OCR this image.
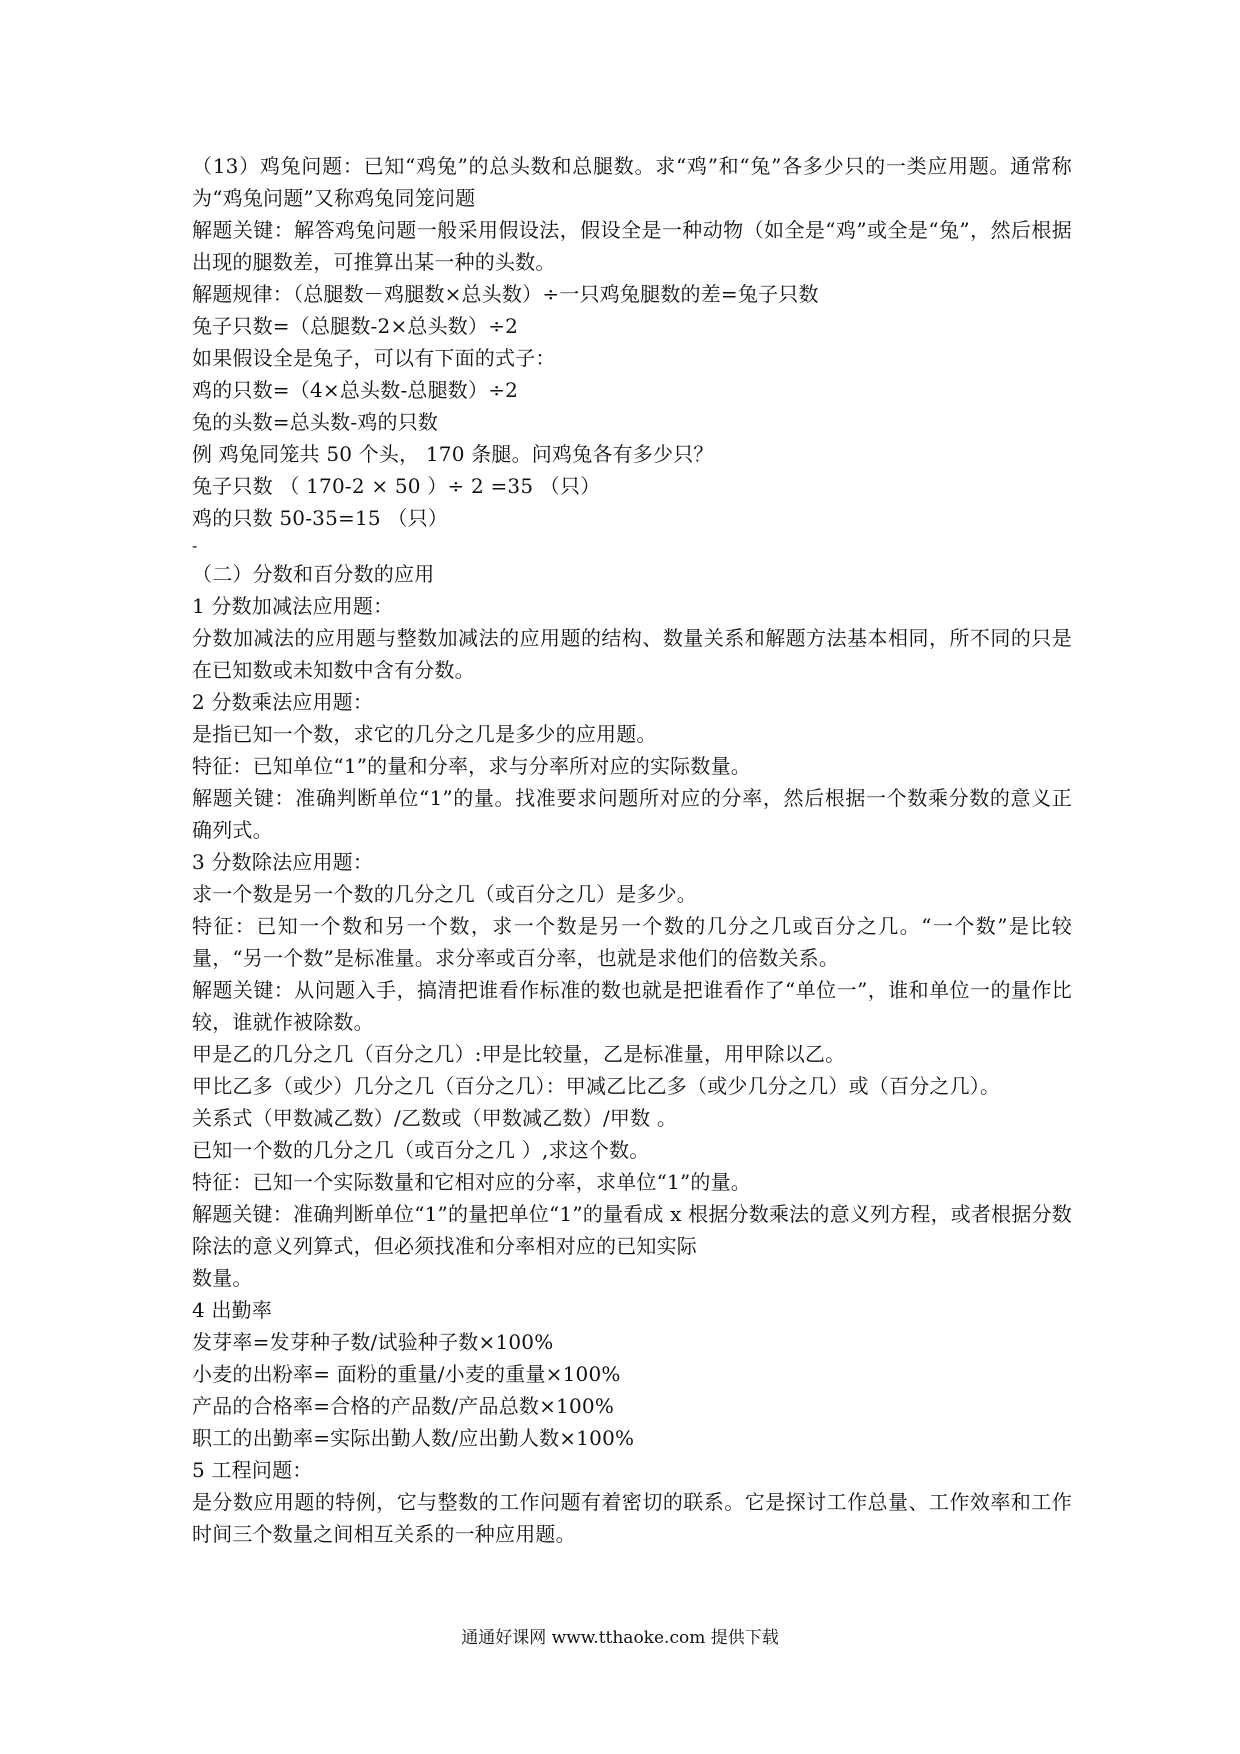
（13）鸡兔问题：已知“鸡兔”的总头数和总腿数。求“鸡”和“兔”各多少只的一类应用题。通常称为“鸡兔问题”又称鸡兔同笼问题
解题关键：解答鸡兔问题一般采用假设法，假设全是一种动物（如全是“鸡”或全是“兔”，然后根据出现的腿数差，可推算出某一种的头数。
解题规律：（总腿数－鸡腿数×总头数）÷一只鸡兔腿数的差=兔子只数
兔子只数=（总腿数-2×总头数）÷2
如果假设全是兔子，可以有下面的式子：
鸡的只数=（4×总头数-总腿数）÷2
兔的头数=总头数-鸡的只数
例 鸡兔同笼共 50 个头， 170 条腿。问鸡兔各有多少只？
兔子只数 （ 170-2 × 50 ）÷ 2 =35 （只）
鸡的只数 50-35=15 （只）
-
（二）分数和百分数的应用
1 分数加减法应用题：
分数加减法的应用题与整数加减法的应用题的结构、数量关系和解题方法基本相同，所不同的只是在已知数或未知数中含有分数。
2 分数乘法应用题：
是指已知一个数，求它的几分之几是多少的应用题。
特征：已知单位“1”的量和分率，求与分率所对应的实际数量。
解题关键：准确判断单位“1”的量。找准要求问题所对应的分率，然后根据一个数乘分数的意义正确列式。
3 分数除法应用题：
求一个数是另一个数的几分之几（或百分之几）是多少。
特征：已知一个数和另一个数，求一个数是另一个数的几分之几或百分之几。“一个数”是比较量，“另一个数”是标准量。求分率或百分率，也就是求他们的倍数关系。
解题关键：从问题入手，搞清把谁看作标准的数也就是把谁看作了“单位一”，谁和单位一的量作比较，谁就作被除数。
甲是乙的几分之几（百分之几）:甲是比较量，乙是标准量，用甲除以乙。
甲比乙多（或少）几分之几（百分之几）：甲减乙比乙多（或少几分之几）或（百分之几）。
关系式（甲数减乙数）/乙数或（甲数减乙数）/甲数 。
已知一个数的几分之几（或百分之几 ）,求这个数。
特征：已知一个实际数量和它相对应的分率，求单位“1”的量。
解题关键：准确判断单位“1”的量把单位“1”的量看成 x 根据分数乘法的意义列方程，或者根据分数除法的意义列算式，但必须找准和分率相对应的已知实际
数量。
4 出勤率
发芽率=发芽种子数/试验种子数×100%
小麦的出粉率= 面粉的重量/小麦的重量×100%
产品的合格率=合格的产品数/产品总数×100%
职工的出勤率=实际出勤人数/应出勤人数×100%
5 工程问题：
是分数应用题的特例，它与整数的工作问题有着密切的联系。它是探讨工作总量、工作效率和工作时间三个数量之间相互关系的一种应用题。
通通好课网 www.tthaoke.com 提供下载
